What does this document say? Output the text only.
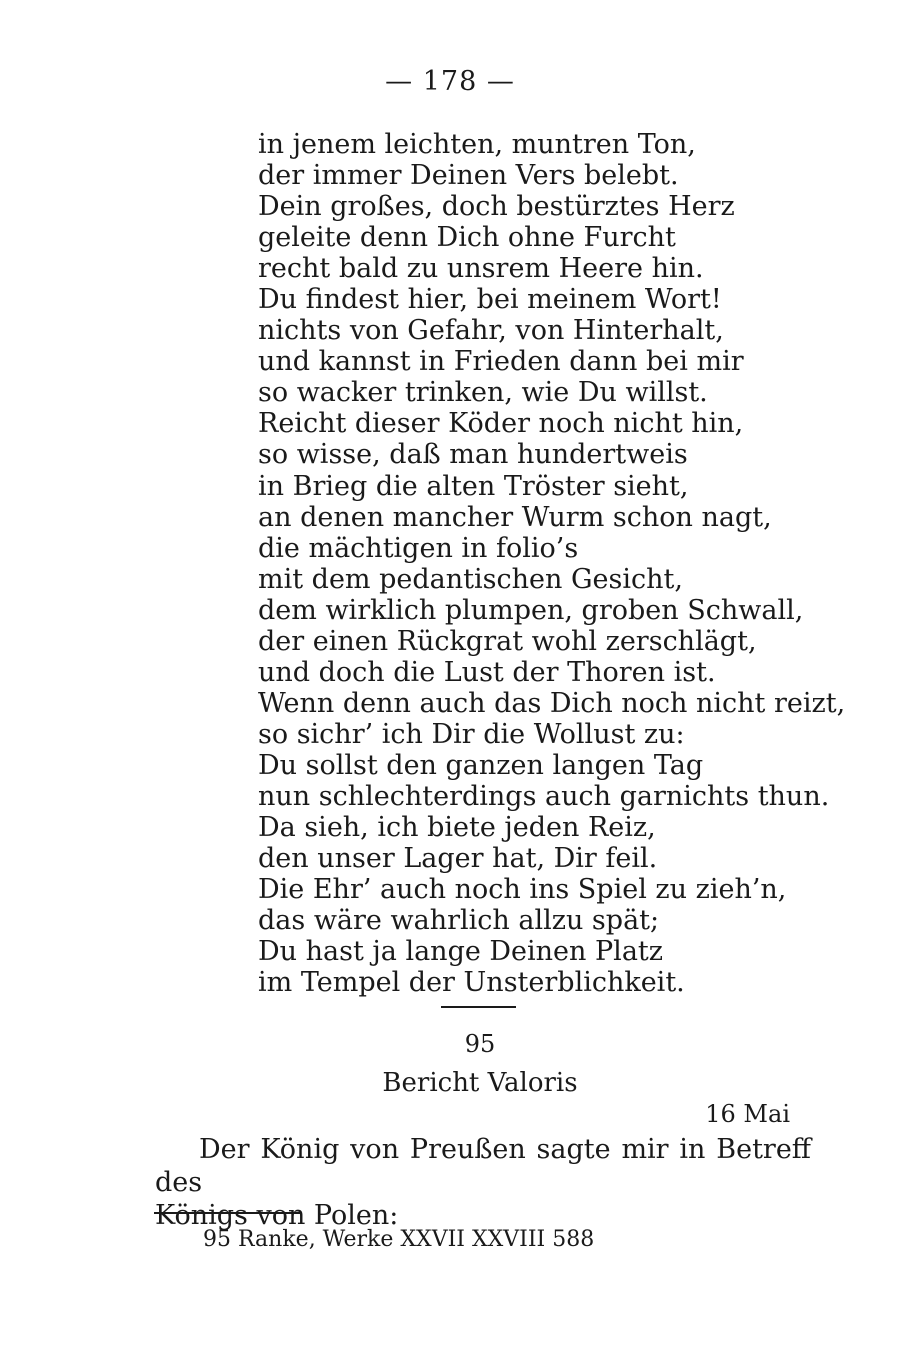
— 178 —
in jenem leichten, muntren Ton,
der immer Deinen Vers belebt.
Dein großes, doch bestürztes Herz
geleite denn Dich ohne Furcht
recht bald zu unsrem Heere hin.
Du findest hier, bei meinem Wort!
nichts von Gefahr, von Hinterhalt,
und kannst in Frieden dann bei mir
so wacker trinken, wie Du willst.
Reicht dieser Köder noch nicht hin,
so wisse, daß man hundertweis
in Brieg die alten Tröster sieht,
an denen mancher Wurm schon nagt,
die mächtigen in folio’s
mit dem pedantischen Gesicht,
dem wirklich plumpen, groben Schwall,
der einen Rückgrat wohl zerschlägt,
und doch die Lust der Thoren ist.
Wenn denn auch das Dich noch nicht reizt,
so sichr’ ich Dir die Wollust zu:
Du sollst den ganzen langen Tag
nun schlechterdings auch garnichts thun.
Da sieh, ich biete jeden Reiz,
den unser Lager hat, Dir feil.
Die Ehr’ auch noch ins Spiel zu zieh’n,
das wäre wahrlich allzu spät;
Du hast ja lange Deinen Platz
im Tempel der Unsterblichkeit.
95
Bericht Valoris
16 Mai
Der König von Preußen sagte mir in Betreff des
Königs von Polen:
95 Ranke, Werke XXVII XXVIII 588
